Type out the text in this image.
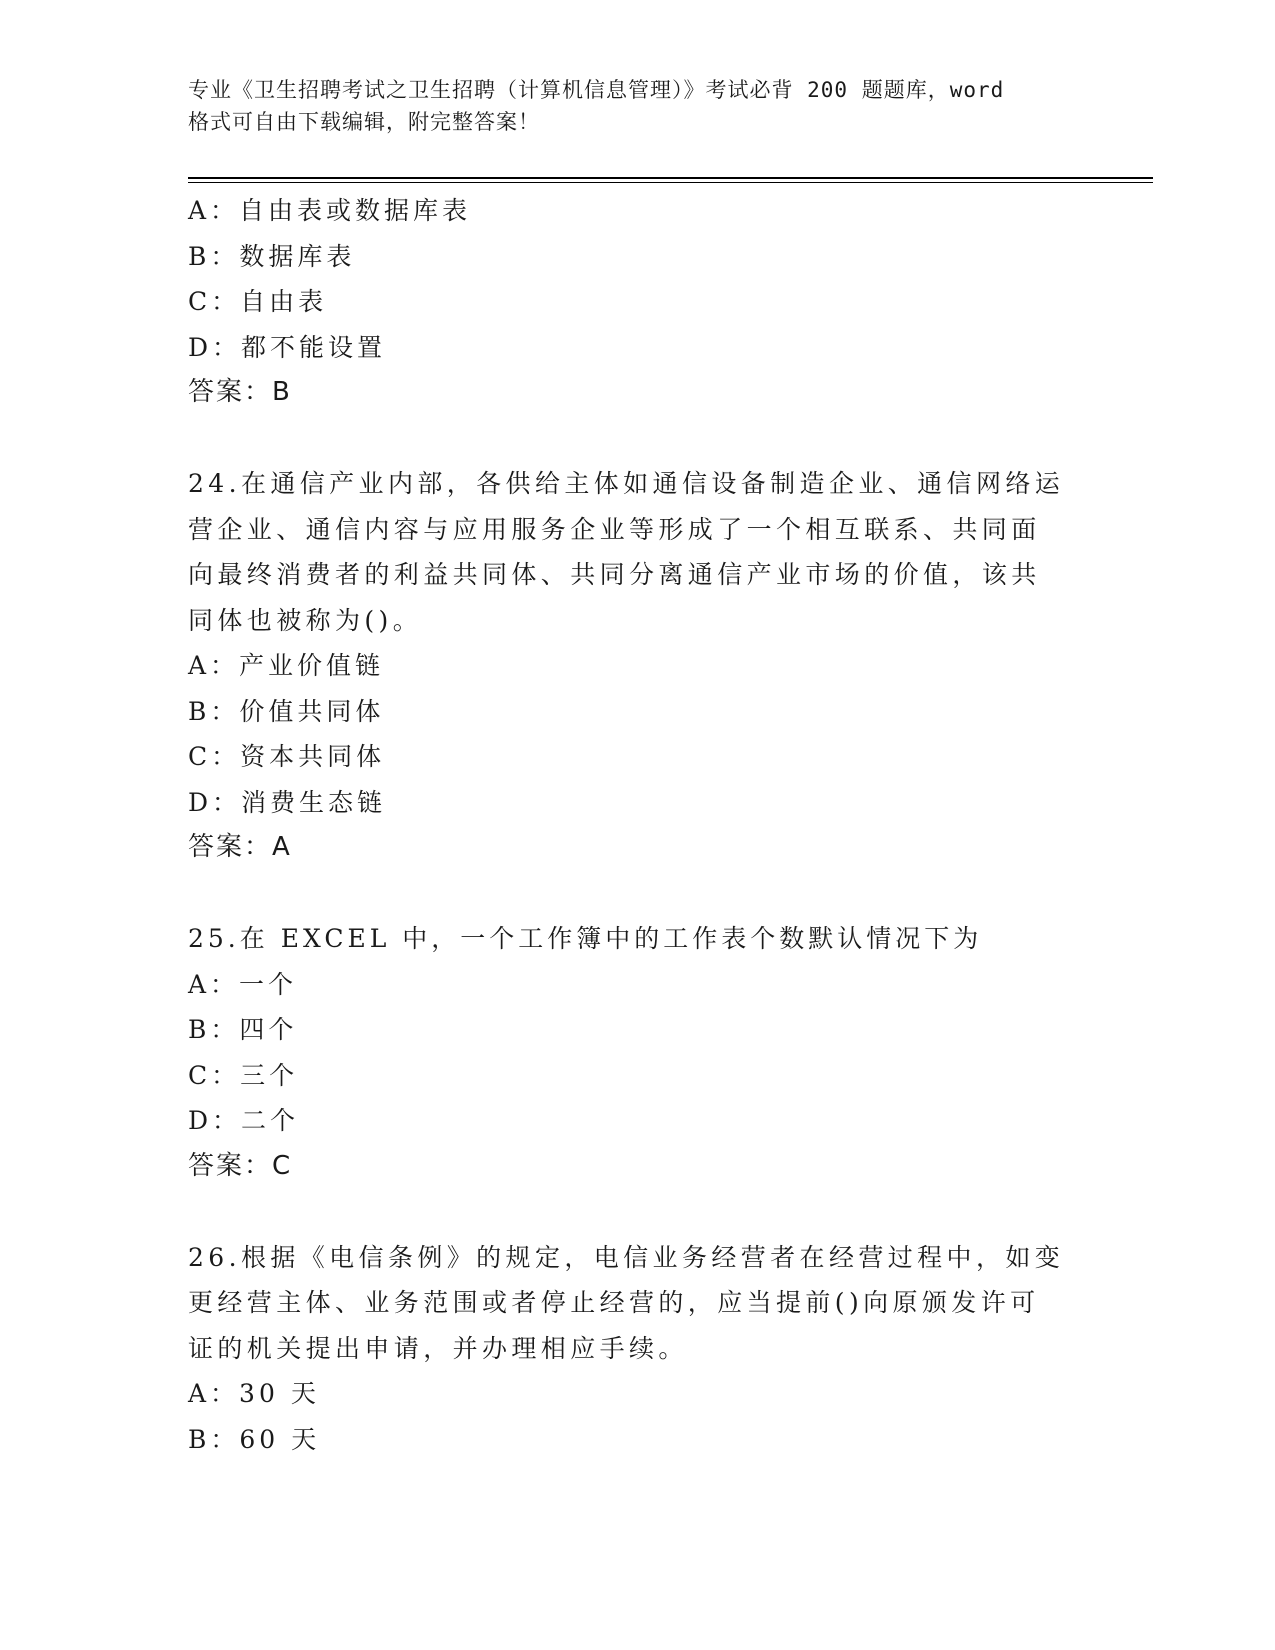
专业《卫生招聘考试之卫生招聘（计算机信息管理）》考试必背 200 题题库，word
格式可自由下载编辑，附完整答案！
A：自由表或数据库表
B：数据库表
C：自由表
D：都不能设置
答案：B
24.在通信产业内部，各供给主体如通信设备制造企业、通信网络运营企业、通信内容与应用服务企业等形成了一个相互联系、共同面向最终消费者的利益共同体、共同分离通信产业市场的价值，该共同体也被称为()。
A：产业价值链
B：价值共同体
C：资本共同体
D：消费生态链
答案：A
25.在 EXCEL 中，一个工作簿中的工作表个数默认情况下为
A：一个
B：四个
C：三个
D：二个
答案：C
26.根据《电信条例》的规定，电信业务经营者在经营过程中，如变更经营主体、业务范围或者停止经营的，应当提前()向原颁发许可证的机关提出申请，并办理相应手续。
A：30 天
B：60 天
